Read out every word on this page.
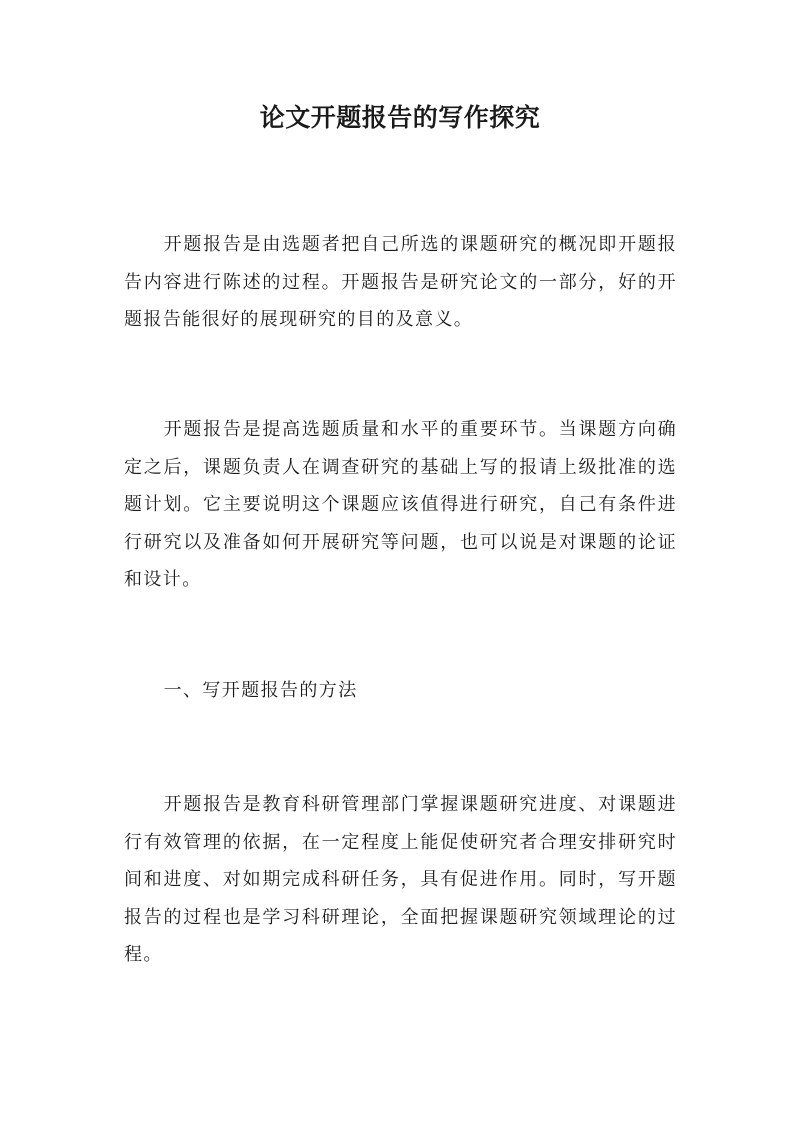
论文开题报告的写作探究

开题报告是由选题者把自己所选的课题研究的概况即开题报告内容进行陈述的过程。开题报告是研究论文的一部分，好的开题报告能很好的展现研究的目的及意义。

开题报告是提高选题质量和水平的重要环节。当课题方向确定之后，课题负责人在调查研究的基础上写的报请上级批准的选题计划。它主要说明这个课题应该值得进行研究，自己有条件进行研究以及准备如何开展研究等问题，也可以说是对课题的论证和设计。

一、写开题报告的方法

开题报告是教育科研管理部门掌握课题研究进度、对课题进行有效管理的依据，在一定程度上能促使研究者合理安排研究时间和进度、对如期完成科研任务，具有促进作用。同时，写开题报告的过程也是学习科研理论，全面把握课题研究领域理论的过程。
